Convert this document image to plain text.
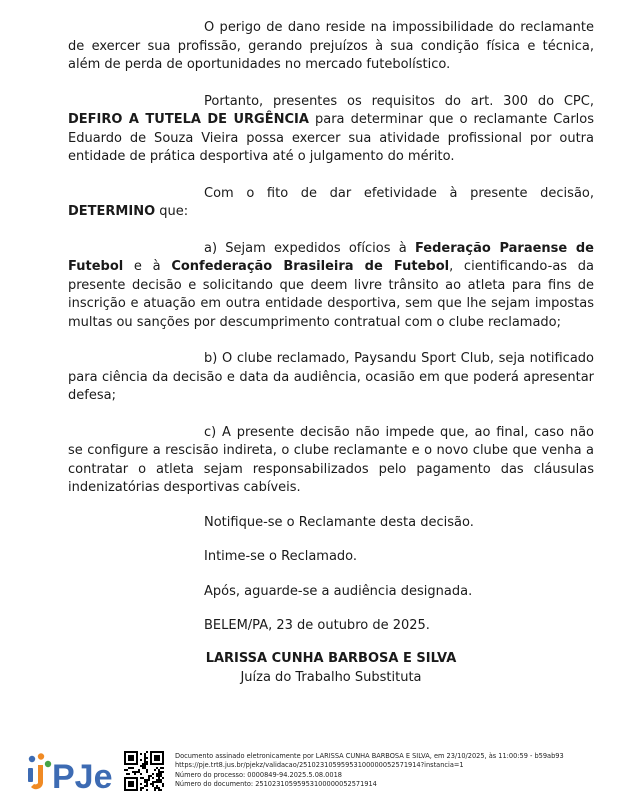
O perigo de dano reside na impossibilidade do reclamante de exercer sua profissão, gerando prejuízos à sua condição física e técnica, além de perda de oportunidades no mercado futebolístico.

Portanto, presentes os requisitos do art. 300 do CPC, DEFIRO A TUTELA DE URGÊNCIA para determinar que o reclamante Carlos Eduardo de Souza Vieira possa exercer sua atividade profissional por outra entidade de prática desportiva até o julgamento do mérito.

Com o fito de dar efetividade à presente decisão, DETERMINO que:

a) Sejam expedidos ofícios à Federação Paraense de Futebol e à Confederação Brasileira de Futebol, cientificando-as da presente decisão e solicitando que deem livre trânsito ao atleta para fins de inscrição e atuação em outra entidade desportiva, sem que lhe sejam impostas multas ou sanções por descumprimento contratual com o clube reclamado;

b) O clube reclamado, Paysandu Sport Club, seja notificado para ciência da decisão e data da audiência, ocasião em que poderá apresentar defesa;

c) A presente decisão não impede que, ao final, caso não se configure a rescisão indireta, o clube reclamante e o novo clube que venha a contratar o atleta sejam responsabilizados pelo pagamento das cláusulas indenizatórias desportivas cabíveis.

Notifique-se o Reclamante desta decisão.

Intime-se o Reclamado.

Após, aguarde-se a audiência designada.

BELEM/PA, 23 de outubro de 2025.

LARISSA CUNHA BARBOSA E SILVA

Juíza do Trabalho Substituta

PJe
Documento assinado eletronicamente por LARISSA CUNHA BARBOSA E SILVA, em 23/10/2025, às 11:00:59 - b59ab93
https://pje.trt8.jus.br/pjekz/validacao/25102310595953100000052571914?instancia=1
Número do processo: 0000849-94.2025.5.08.0018
Número do documento: 25102310595953100000052571914
